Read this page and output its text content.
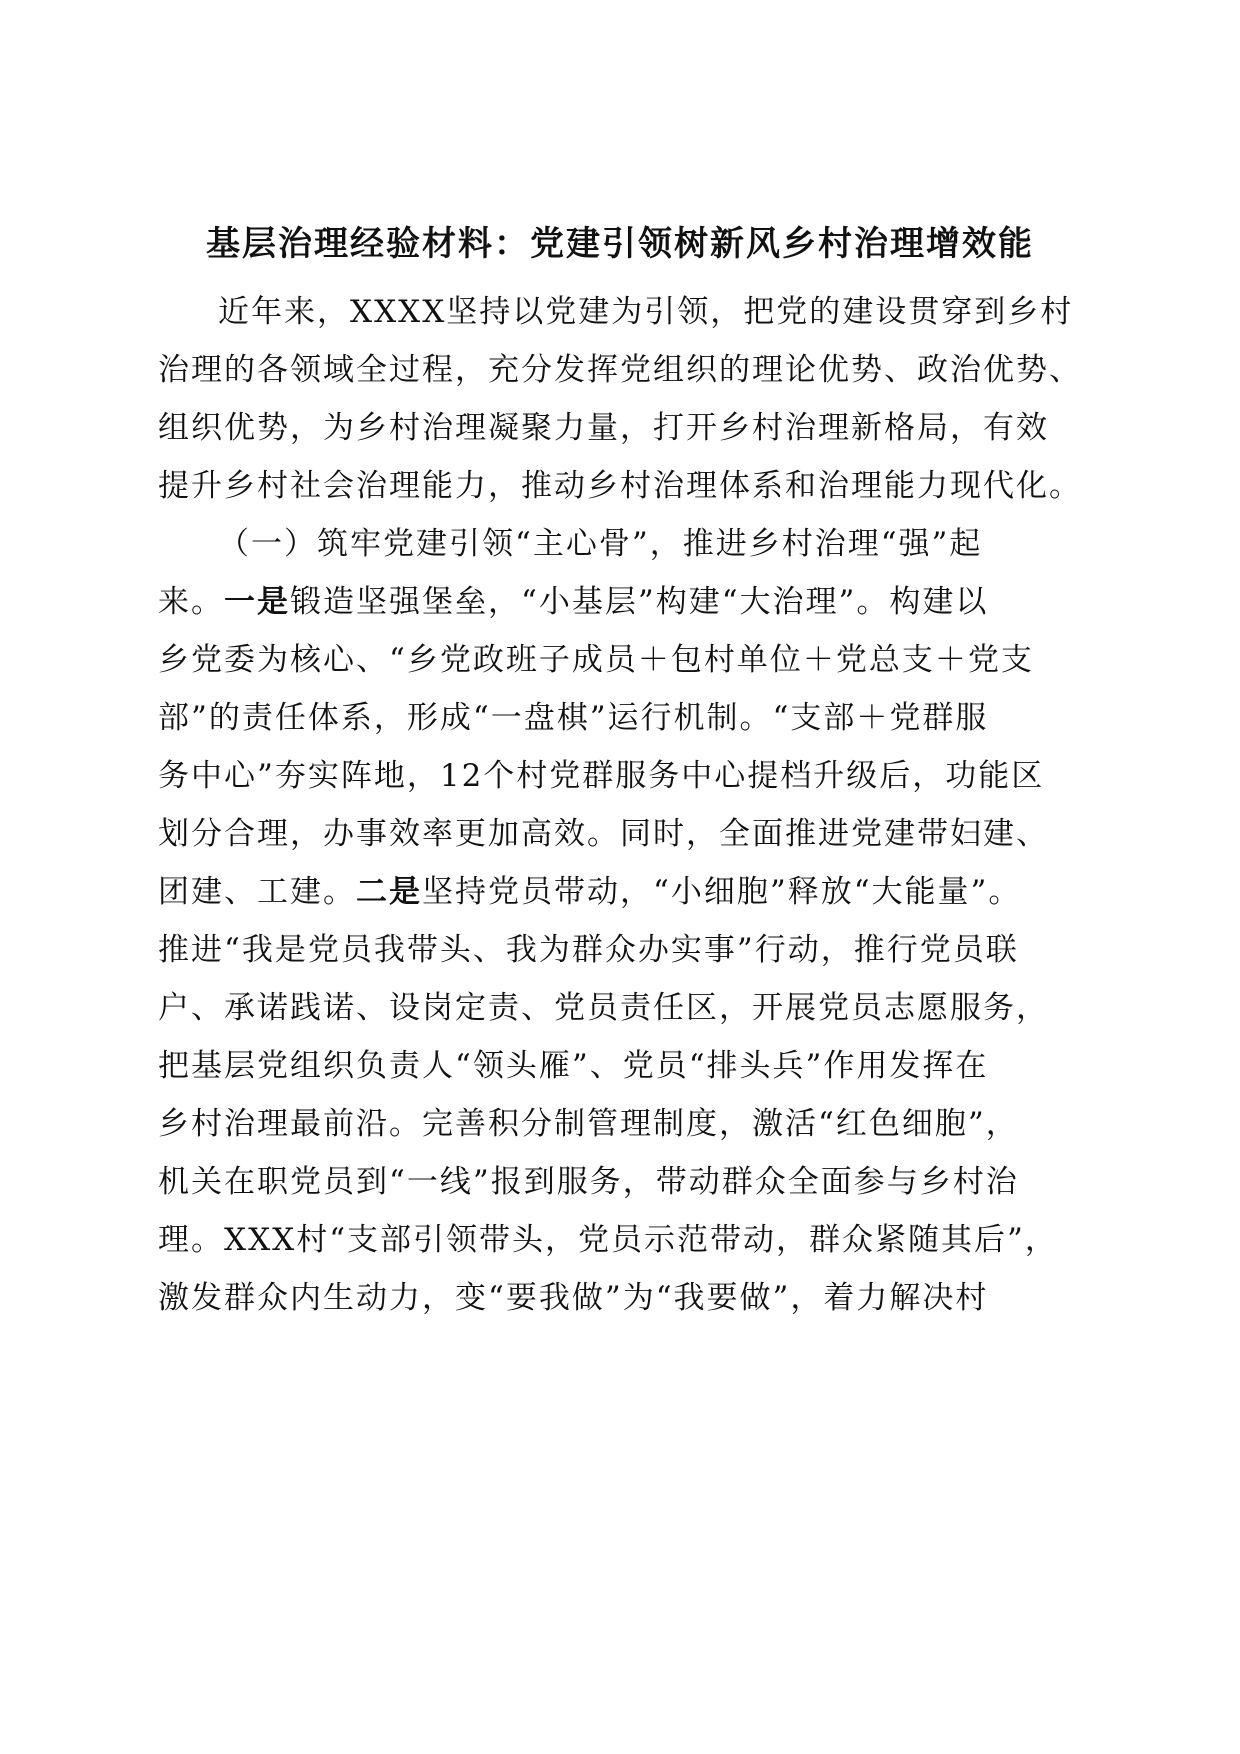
基层治理经验材料：党建引领树新风乡村治理增效能
近年来，XXXX坚持以党建为引领，把党的建设贯穿到乡村
治理的各领域全过程，充分发挥党组织的理论优势、政治优势、
组织优势，为乡村治理凝聚力量，打开乡村治理新格局，有效
提升乡村社会治理能力，推动乡村治理体系和治理能力现代化。
（一）筑牢党建引领“主心骨”，推进乡村治理“强”起
来。一是锻造坚强堡垒，“小基层”构建“大治理”。构建以
乡党委为核心、“乡党政班子成员＋包村单位＋党总支＋党支
部”的责任体系，形成“一盘棋”运行机制。“支部＋党群服
务中心”夯实阵地，12个村党群服务中心提档升级后，功能区
划分合理，办事效率更加高效。同时，全面推进党建带妇建、
团建、工建。二是坚持党员带动，“小细胞”释放“大能量”。
推进“我是党员我带头、我为群众办实事”行动，推行党员联
户、承诺践诺、设岗定责、党员责任区，开展党员志愿服务，
把基层党组织负责人“领头雁”、党员“排头兵”作用发挥在
乡村治理最前沿。完善积分制管理制度，激活“红色细胞”，
机关在职党员到“一线”报到服务，带动群众全面参与乡村治
理。XXX村“支部引领带头，党员示范带动，群众紧随其后”，
激发群众内生动力，变“要我做”为“我要做”，着力解决村
